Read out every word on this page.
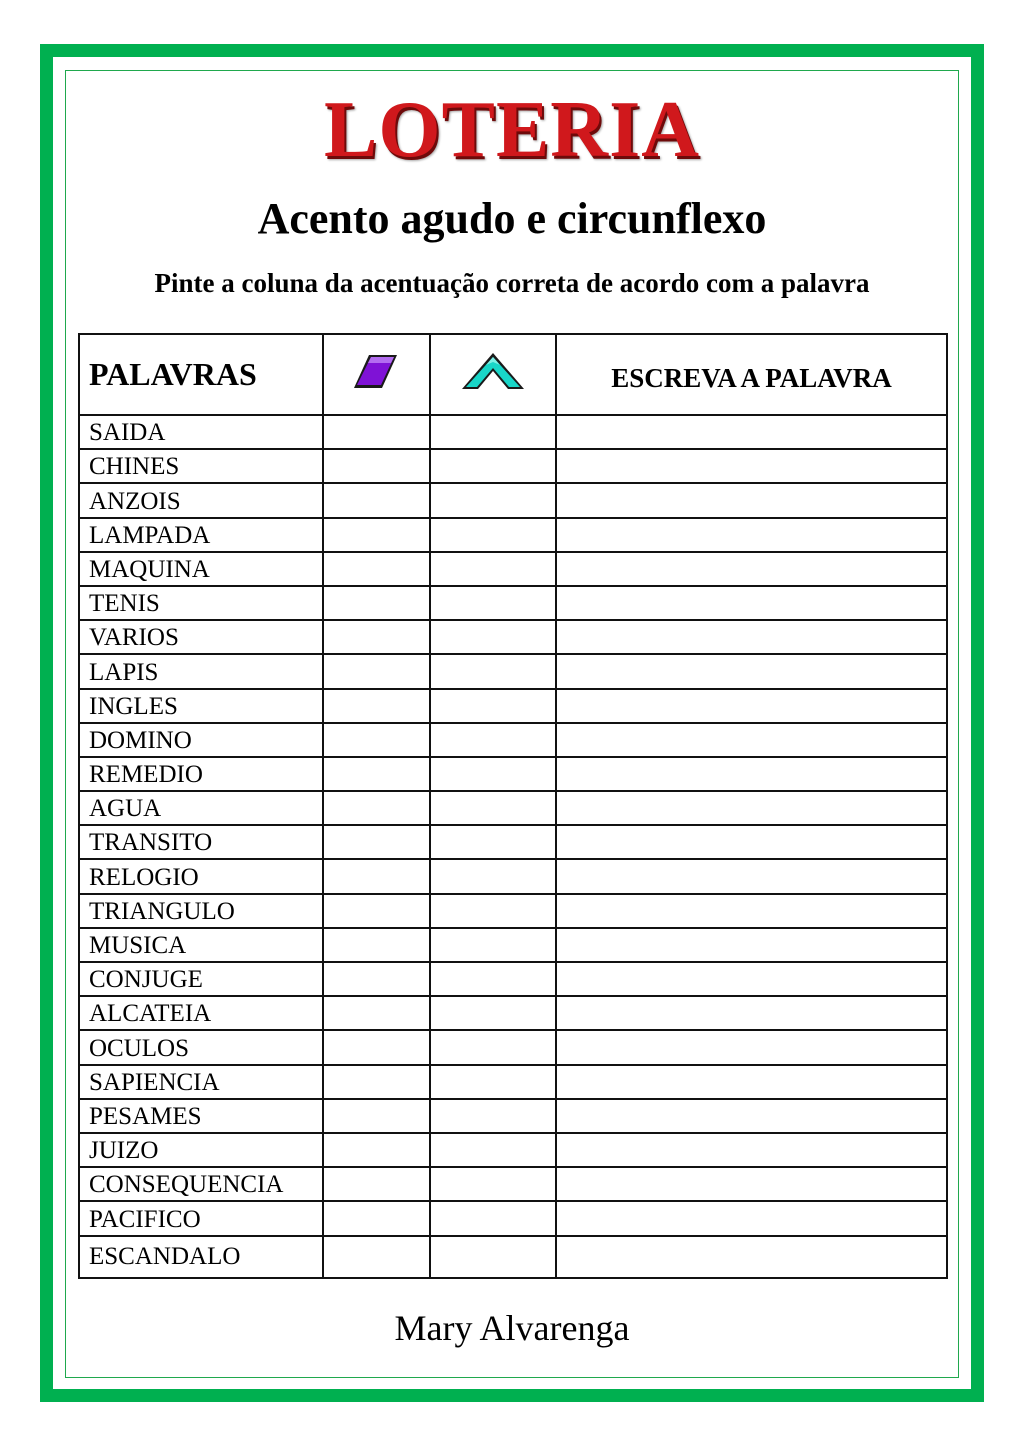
LOTERIA
Acento agudo e circunflexo
Pinte a coluna da acentuação correta de acordo com a palavra
PALAVRAS			ESCREVA A PALAVRA
SAIDA			
CHINES			
ANZOIS			
LAMPADA			
MAQUINA			
TENIS			
VARIOS			
LAPIS			
INGLES			
DOMINO			
REMEDIO			
AGUA			
TRANSITO			
RELOGIO			
TRIANGULO			
MUSICA			
CONJUGE			
ALCATEIA			
OCULOS			
SAPIENCIA			
PESAMES			
JUIZO			
CONSEQUENCIA			
PACIFICO			
ESCANDALO			
Mary Alvarenga
